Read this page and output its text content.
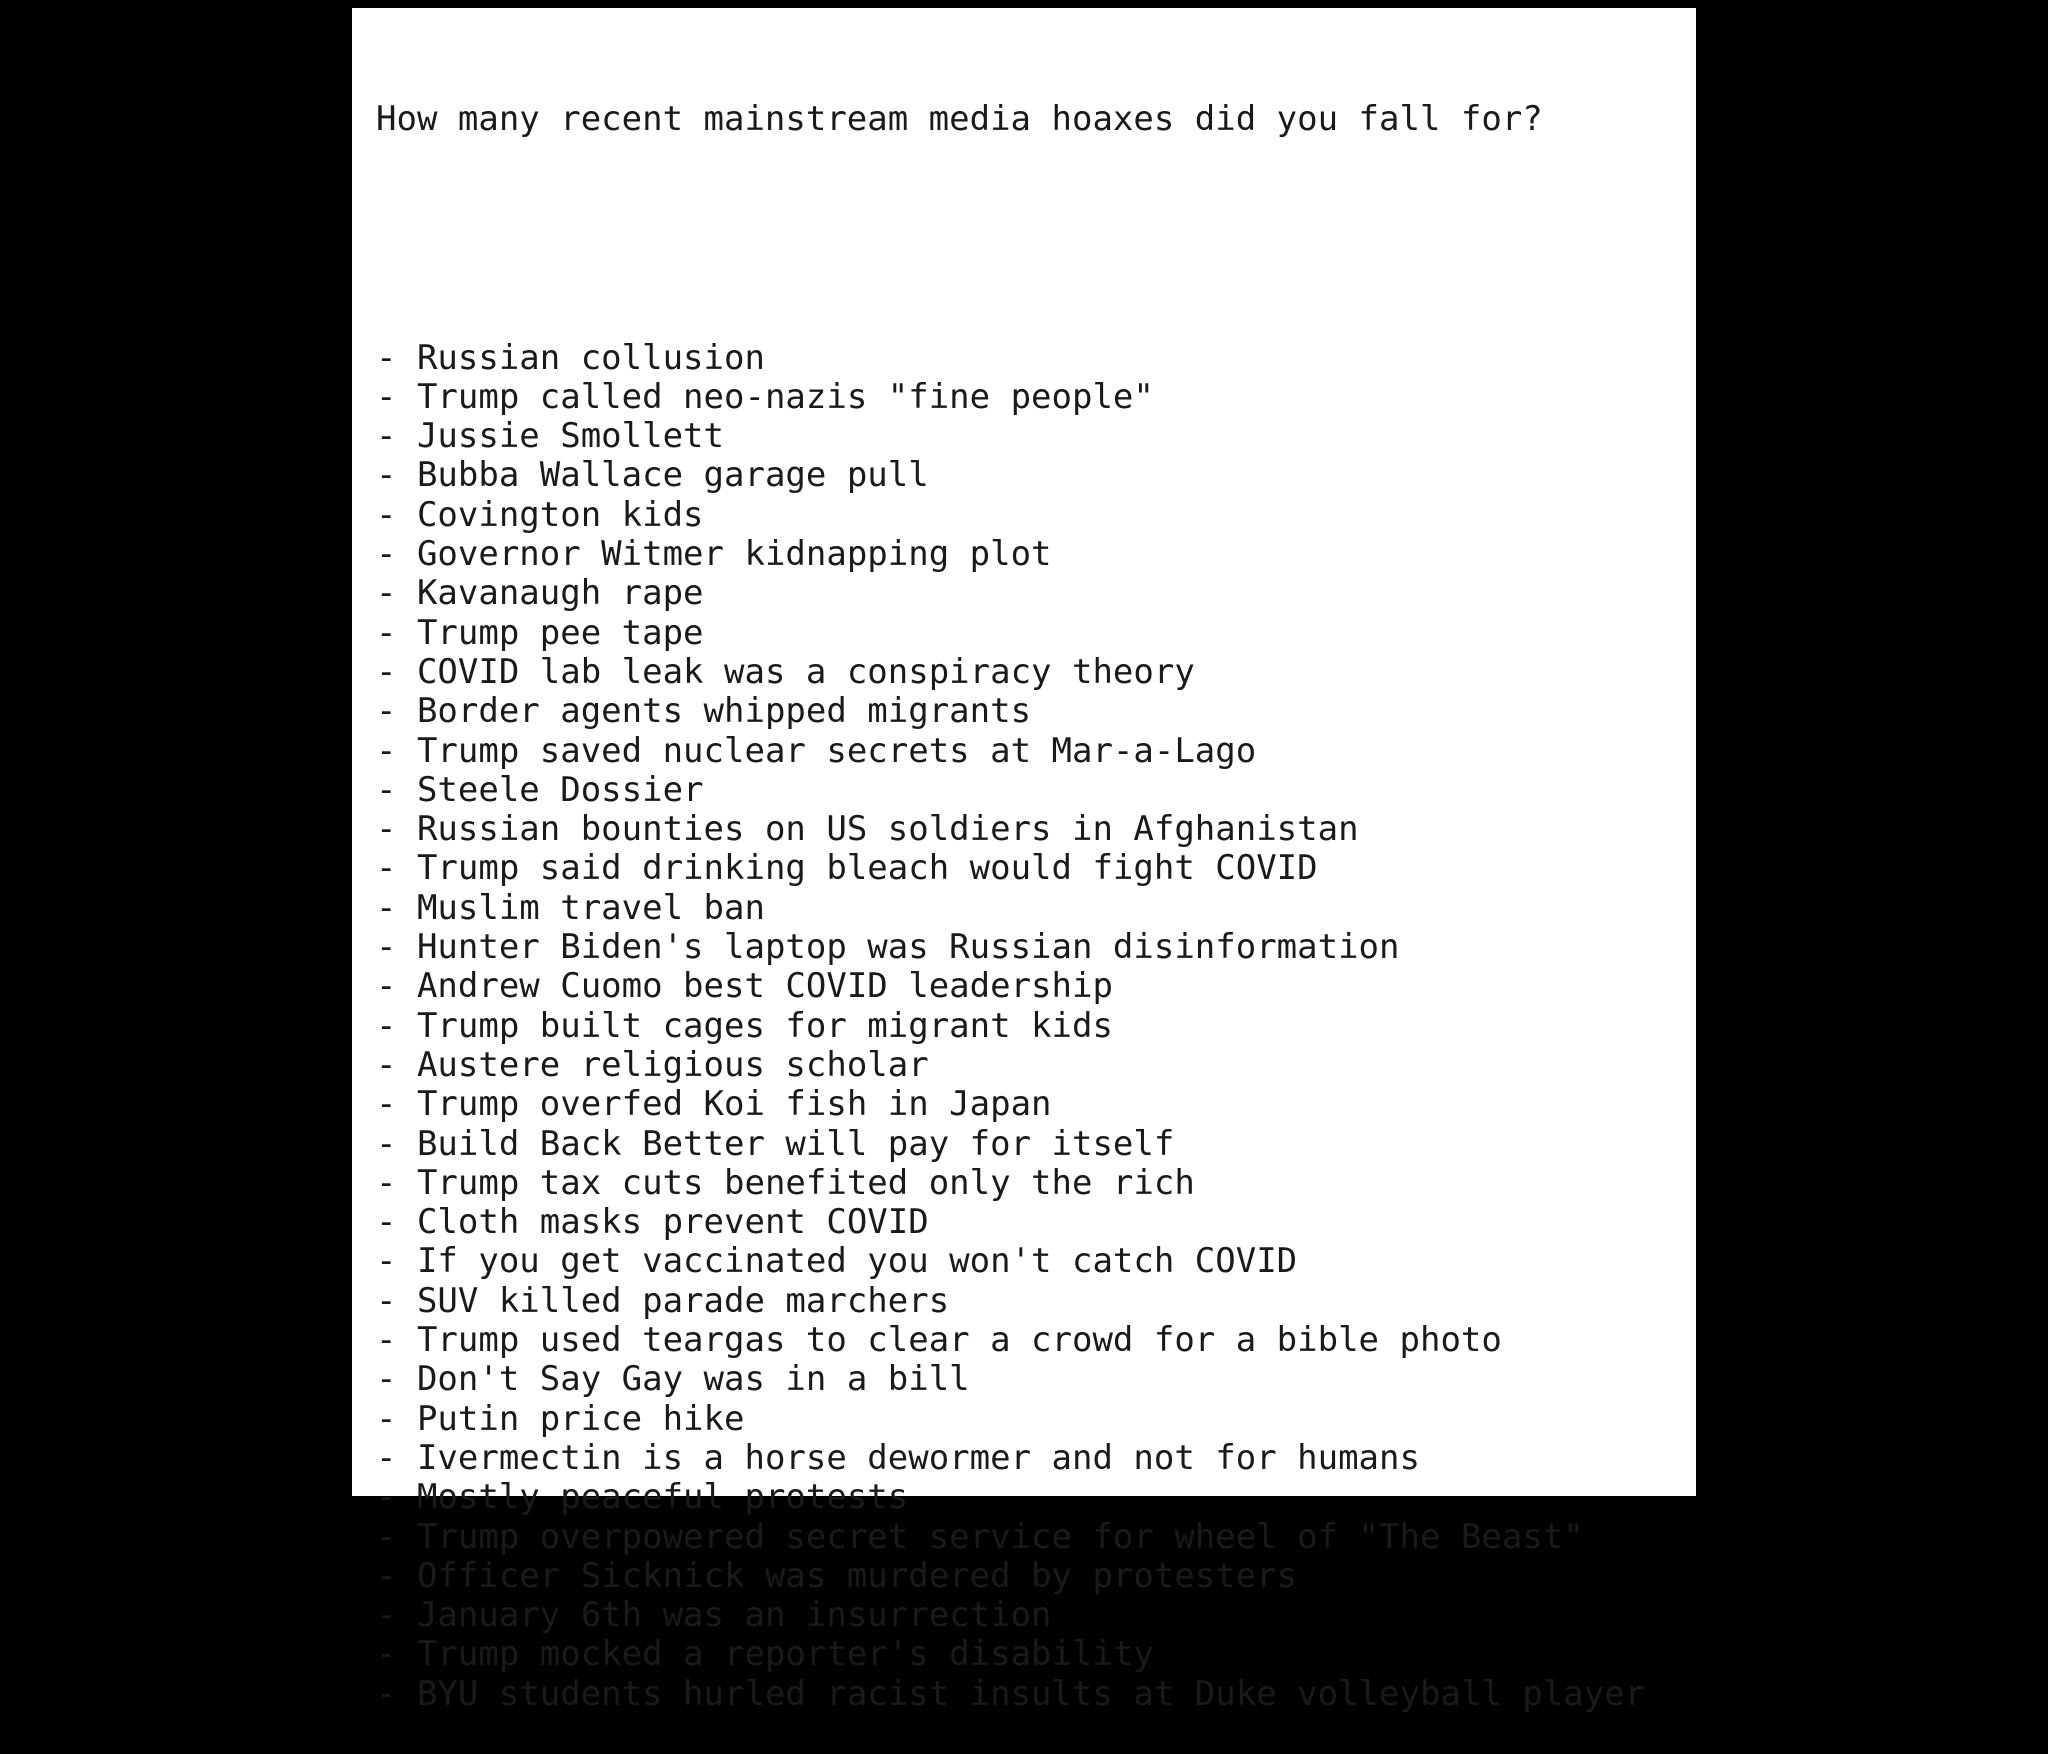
How many recent mainstream media hoaxes did you fall for?

- Russian collusion
- Trump called neo-nazis "fine people"
- Jussie Smollett
- Bubba Wallace garage pull
- Covington kids
- Governor Witmer kidnapping plot
- Kavanaugh rape
- Trump pee tape
- COVID lab leak was a conspiracy theory
- Border agents whipped migrants
- Trump saved nuclear secrets at Mar-a-Lago
- Steele Dossier
- Russian bounties on US soldiers in Afghanistan
- Trump said drinking bleach would fight COVID
- Muslim travel ban
- Hunter Biden's laptop was Russian disinformation
- Andrew Cuomo best COVID leadership
- Trump built cages for migrant kids
- Austere religious scholar
- Trump overfed Koi fish in Japan
- Build Back Better will pay for itself
- Trump tax cuts benefited only the rich
- Cloth masks prevent COVID
- If you get vaccinated you won't catch COVID
- SUV killed parade marchers
- Trump used teargas to clear a crowd for a bible photo
- Don't Say Gay was in a bill
- Putin price hike
- Ivermectin is a horse dewormer and not for humans
- Mostly peaceful protests
- Trump overpowered secret service for wheel of "The Beast"
- Officer Sicknick was murdered by protesters
- January 6th was an insurrection
- Trump mocked a reporter's disability
- BYU students hurled racist insults at Duke volleyball player
